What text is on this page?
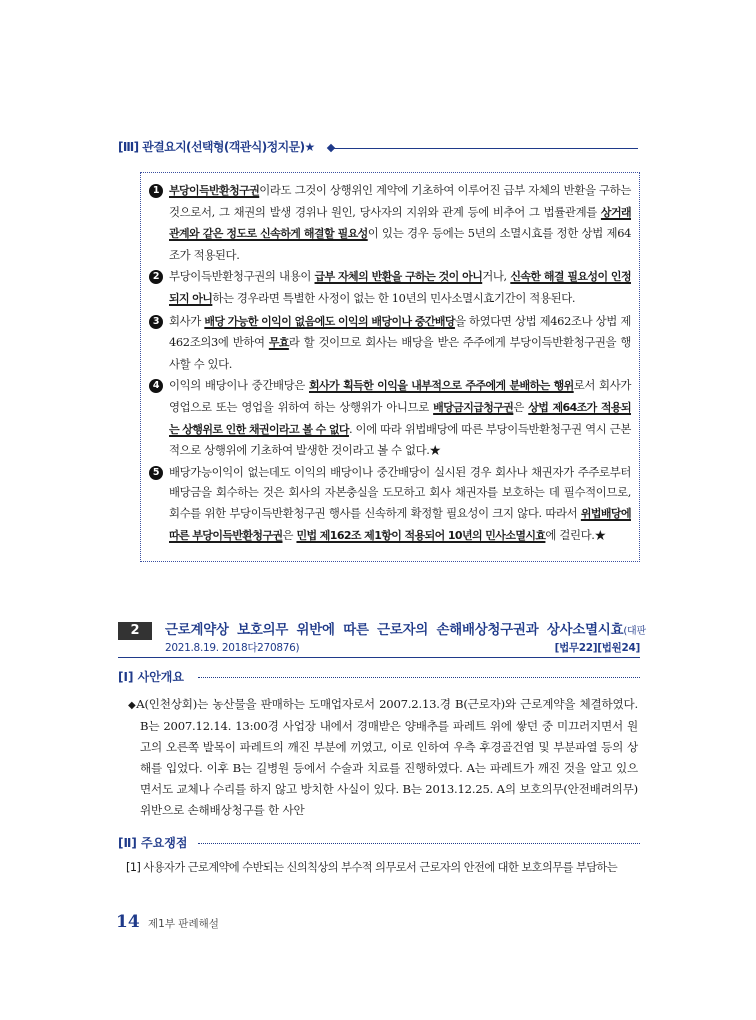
[Ⅲ] 관결요지(선택형(객관식)정지문)★
1 부당이득반환청구권이라도 그것이 상행위인 계약에 기초하여 이루어진 급부 자체의 반환을 구하는 것으로서, 그 채권의 발생 경위나 원인, 당사자의 지위와 관계 등에 비추어 그 법률관계를 상거래 관계와 같은 정도로 신속하게 해결할 필요성이 있는 경우 등에는 5년의 소멸시효를 정한 상법 제64조가 적용된다.
2 부당이득반환청구권의 내용이 급부 자체의 반환을 구하는 것이 아니거나, 신속한 해결 필요성이 인정되지 아니하는 경우라면 특별한 사정이 없는 한 10년의 민사소멸시효기간이 적용된다.
3 회사가 배당 가능한 이익이 없음에도 이익의 배당이나 중간배당을 하였다면 상법 제462조나 상법 제462조의3에 반하여 무효라 할 것이므로 회사는 배당을 받은 주주에게 부당이득반환청구권을 행사할 수 있다.
4 이익의 배당이나 중간배당은 회사가 획득한 이익을 내부적으로 주주에게 분배하는 행위로서 회사가 영업으로 또는 영업을 위하여 하는 상행위가 아니므로 배당금지급청구권은 상법 제64조가 적용되는 상행위로 인한 채권이라고 볼 수 없다. 이에 따라 위법배당에 따른 부당이득반환청구권 역시 근본적으로 상행위에 기초하여 발생한 것이라고 볼 수 없다.★
5 배당가능이익이 없는데도 이익의 배당이나 중간배당이 실시된 경우 회사나 채권자가 주주로부터 배당금을 회수하는 것은 회사의 자본충실을 도모하고 회사 채권자를 보호하는 데 필수적이므로, 회수를 위한 부당이득반환청구권 행사를 신속하게 확정할 필요성이 크지 않다. 따라서 위법배당에 따른 부당이득반환청구권은 민법 제162조 제1항이 적용되어 10년의 민사소멸시효에 걸린다.★
2	근로계약상 보호의무 위반에 따른 근로자의 손해배상청구권과 상사소멸시효(대판
2021.8.19. 2018다270876)	[법무22][법원24]
[Ⅰ] 사안개요

◆A(인천상회)는 농산물을 판매하는 도매업자로서 2007.2.13.경 B(근로자)와 근로계약을 체결하였다. B는 2007.12.14. 13:00경 사업장 내에서 경매받은 양배추를 파레트 위에 쌓던 중 미끄러지면서 원고의 오른쪽 발목이 파레트의 깨진 부분에 끼였고, 이로 인하여 우측 후경골건염 및 부분파열 등의 상해를 입었다. 이후 B는 길병원 등에서 수술과 치료를 진행하였다. A는 파레트가 깨진 것을 알고 있으면서도 교체나 수리를 하지 않고 방치한 사실이 있다. B는 2013.12.25. A의 보호의무(안전배려의무)위반으로 손해배상청구를 한 사안

[Ⅱ] 주요쟁점
[1] 사용자가 근로계약에 수반되는 신의칙상의 부수적 의무로서 근로자의 안전에 대한 보호의무를 부담하는
14 제1부 판례해설
